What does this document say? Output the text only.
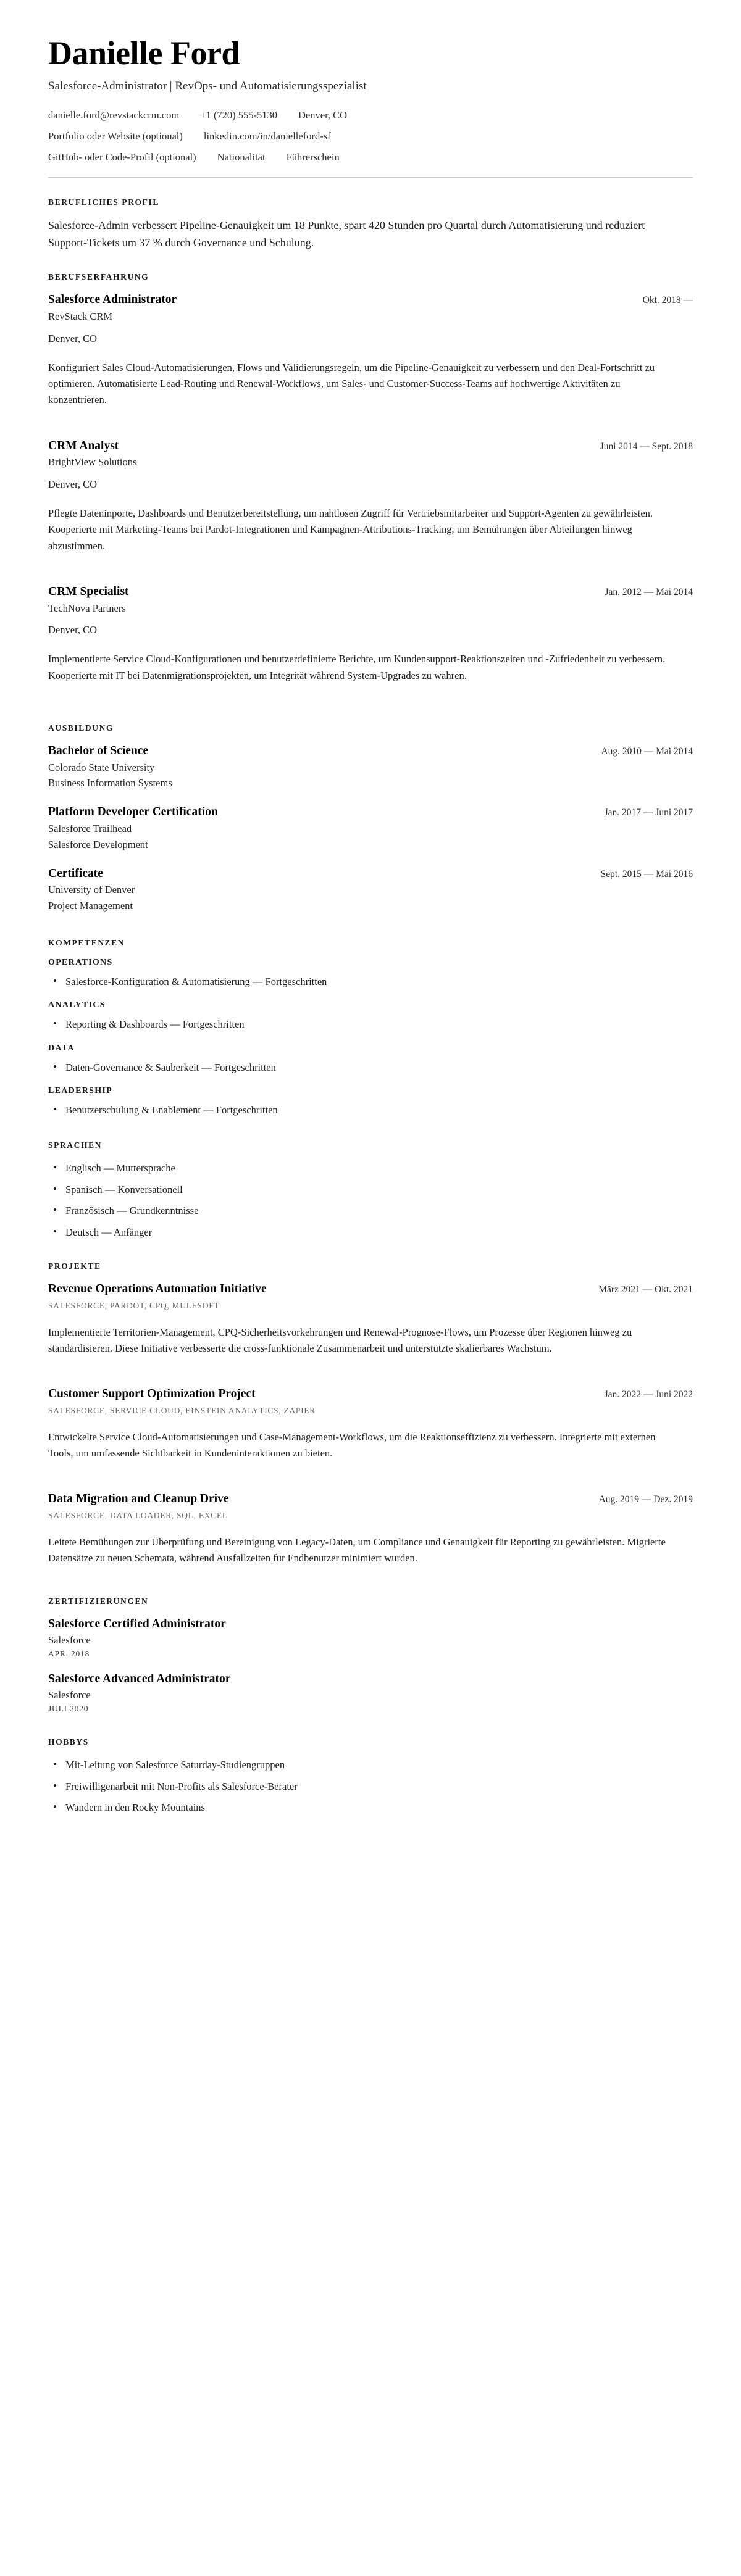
Danielle Ford
Salesforce-Administrator | RevOps- und Automatisierungsspezialist
danielle.ford@revstackcrm.com +1 (720) 555-5130 Denver, CO
Portfolio oder Website (optional) linkedin.com/in/danielleford-sf
GitHub- oder Code-Profil (optional) Nationalität Führerschein
BERUFLICHES PROFIL
Salesforce-Admin verbessert Pipeline-Genauigkeit um 18 Punkte, spart 420 Stunden pro Quartal durch Automatisierung und reduziert Support-Tickets um 37 % durch Governance und Schulung.
BERUFSERFAHRUNG
Salesforce Administrator	Okt. 2018 —
RevStack CRM
Denver, CO
Konfiguriert Sales Cloud-Automatisierungen, Flows und Validierungsregeln, um die Pipeline-Genauigkeit zu verbessern und den Deal-Fortschritt zu optimieren. Automatisierte Lead-Routing und Renewal-Workflows, um Sales- und Customer-Success-Teams auf hochwertige Aktivitäten zu konzentrieren.
CRM Analyst	Juni 2014 — Sept. 2018
BrightView Solutions
Denver, CO
Pflegte Dateninporte, Dashboards und Benutzerbereitstellung, um nahtlosen Zugriff für Vertriebsmitarbeiter und Support-Agenten zu gewährleisten. Kooperierte mit Marketing-Teams bei Pardot-Integrationen und Kampagnen-Attributions-Tracking, um Bemühungen über Abteilungen hinweg abzustimmen.
CRM Specialist	Jan. 2012 — Mai 2014
TechNova Partners
Denver, CO
Implementierte Service Cloud-Konfigurationen und benutzerdefinierte Berichte, um Kundensupport-Reaktionszeiten und -Zufriedenheit zu verbessern. Kooperierte mit IT bei Datenmigrationsprojekten, um Integrität während System-Upgrades zu wahren.
AUSBILDUNG
Bachelor of Science	Aug. 2010 — Mai 2014
Colorado State University
Business Information Systems
Platform Developer Certification	Jan. 2017 — Juni 2017
Salesforce Trailhead
Salesforce Development
Certificate	Sept. 2015 — Mai 2016
University of Denver
Project Management
KOMPETENZEN
OPERATIONS
• Salesforce-Konfiguration & Automatisierung — Fortgeschritten
ANALYTICS
• Reporting & Dashboards — Fortgeschritten
DATA
• Daten-Governance & Sauberkeit — Fortgeschritten
LEADERSHIP
• Benutzerschulung & Enablement — Fortgeschritten
SPRACHEN
• Englisch — Muttersprache
• Spanisch — Konversationell
• Französisch — Grundkenntnisse
• Deutsch — Anfänger
PROJEKTE
Revenue Operations Automation Initiative	März 2021 — Okt. 2021
SALESFORCE, PARDOT, CPQ, MULESOFT
Implementierte Territorien-Management, CPQ-Sicherheitsvorkehrungen und Renewal-Prognose-Flows, um Prozesse über Regionen hinweg zu standardisieren. Diese Initiative verbesserte die cross-funktionale Zusammenarbeit und unterstützte skalierbares Wachstum.
Customer Support Optimization Project	Jan. 2022 — Juni 2022
SALESFORCE, SERVICE CLOUD, EINSTEIN ANALYTICS, ZAPIER
Entwickelte Service Cloud-Automatisierungen und Case-Management-Workflows, um die Reaktionseffizienz zu verbessern. Integrierte mit externen Tools, um umfassende Sichtbarkeit in Kundeninteraktionen zu bieten.
Data Migration and Cleanup Drive	Aug. 2019 — Dez. 2019
SALESFORCE, DATA LOADER, SQL, EXCEL
Leitete Bemühungen zur Überprüfung und Bereinigung von Legacy-Daten, um Compliance und Genauigkeit für Reporting zu gewährleisten. Migrierte Datensätze zu neuen Schemata, während Ausfallzeiten für Endbenutzer minimiert wurden.
ZERTIFIZIERUNGEN
Salesforce Certified Administrator
Salesforce
APR. 2018
Salesforce Advanced Administrator
Salesforce
JULI 2020
HOBBYS
• Mit-Leitung von Salesforce Saturday-Studiengruppen
• Freiwilligenarbeit mit Non-Profits als Salesforce-Berater
• Wandern in den Rocky Mountains
